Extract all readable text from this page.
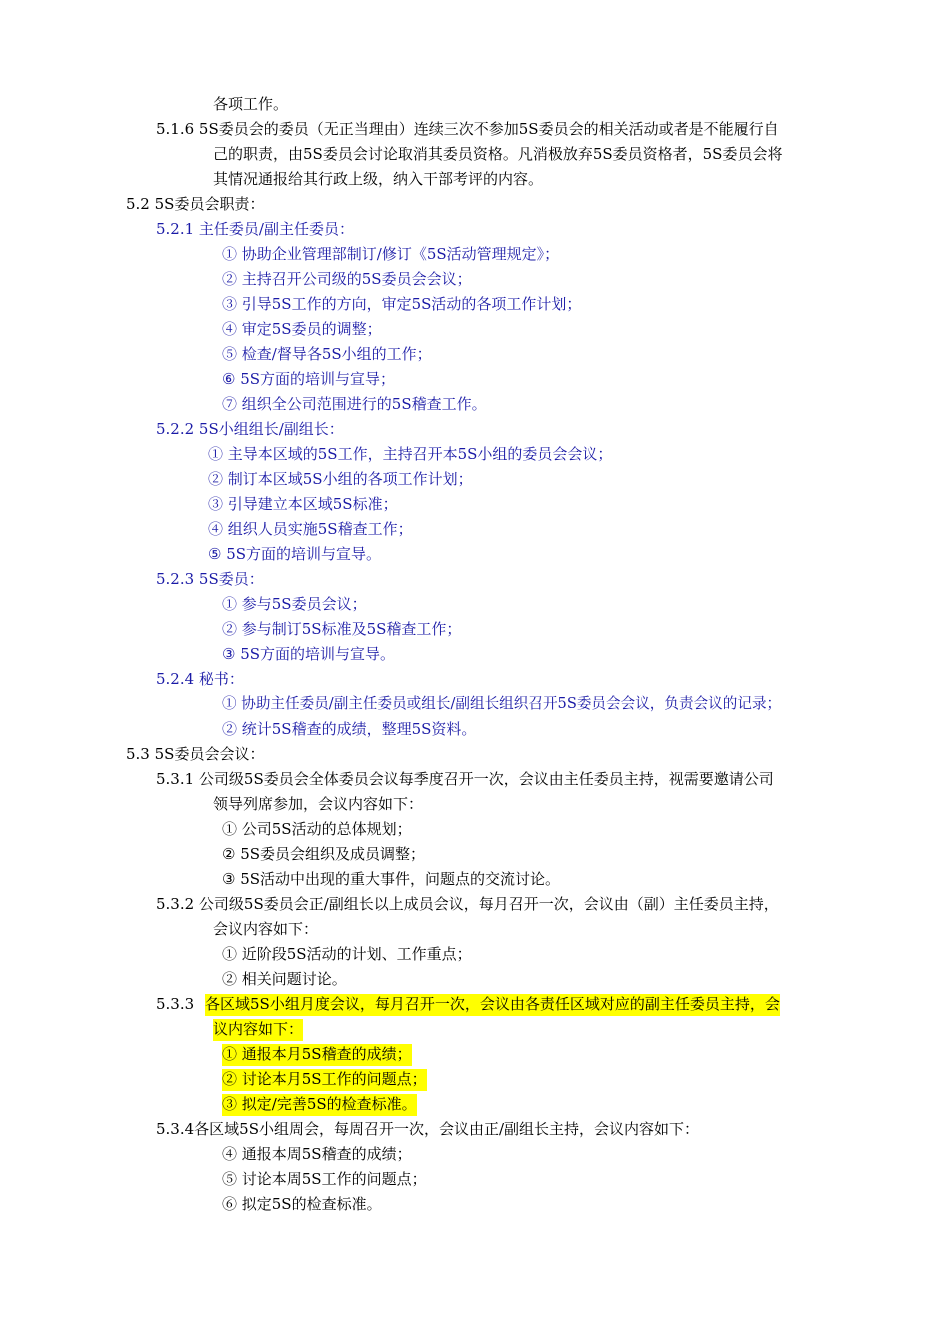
各项工作。
5.1.6 5S委员会的委员（无正当理由）连续三次不参加5S委员会的相关活动或者是不能履行自
己的职责，由5S委员会讨论取消其委员资格。凡消极放弃5S委员资格者，5S委员会将
其情况通报给其行政上级，纳入干部考评的内容。
5.2 5S委员会职责：
5.2.1 主任委员/副主任委员：
① 协助企业管理部制订/修订《5S活动管理规定》；
② 主持召开公司级的5S委员会会议；
③ 引导5S工作的方向，审定5S活动的各项工作计划；
④ 审定5S委员的调整；
⑤ 检查/督导各5S小组的工作；
⑥ 5S方面的培训与宣导；
⑦ 组织全公司范围进行的5S稽查工作。
5.2.2 5S小组组长/副组长：
① 主导本区域的5S工作，主持召开本5S小组的委员会会议；
② 制订本区域5S小组的各项工作计划；
③ 引导建立本区域5S标准；
④ 组织人员实施5S稽查工作；
⑤ 5S方面的培训与宣导。
5.2.3 5S委员：
① 参与5S委员会议；
② 参与制订5S标准及5S稽查工作；
③ 5S方面的培训与宣导。
5.2.4 秘书：
① 协助主任委员/副主任委员或组长/副组长组织召开5S委员会会议，负责会议的记录；
② 统计5S稽查的成绩，整理5S资料。
5.3 5S委员会会议：
5.3.1 公司级5S委员会全体委员会议每季度召开一次，会议由主任委员主持，视需要邀请公司
领导列席参加，会议内容如下：
① 公司5S活动的总体规划；
② 5S委员会组织及成员调整；
③ 5S活动中出现的重大事件，问题点的交流讨论。
5.3.2 公司级5S委员会正/副组长以上成员会议，每月召开一次，会议由（副）主任委员主持，
会议内容如下：
① 近阶段5S活动的计划、工作重点；
② 相关问题讨论。
5.3.3 各区域5S小组月度会议，每月召开一次，会议由各责任区域对应的副主任委员主持，会
议内容如下：
① 通报本月5S稽查的成绩；
② 讨论本月5S工作的问题点；
③ 拟定/完善5S的检查标准。
5.3.4各区域5S小组周会，每周召开一次，会议由正/副组长主持，会议内容如下：
④ 通报本周5S稽查的成绩；
⑤ 讨论本周5S工作的问题点；
⑥ 拟定5S的检查标准。
